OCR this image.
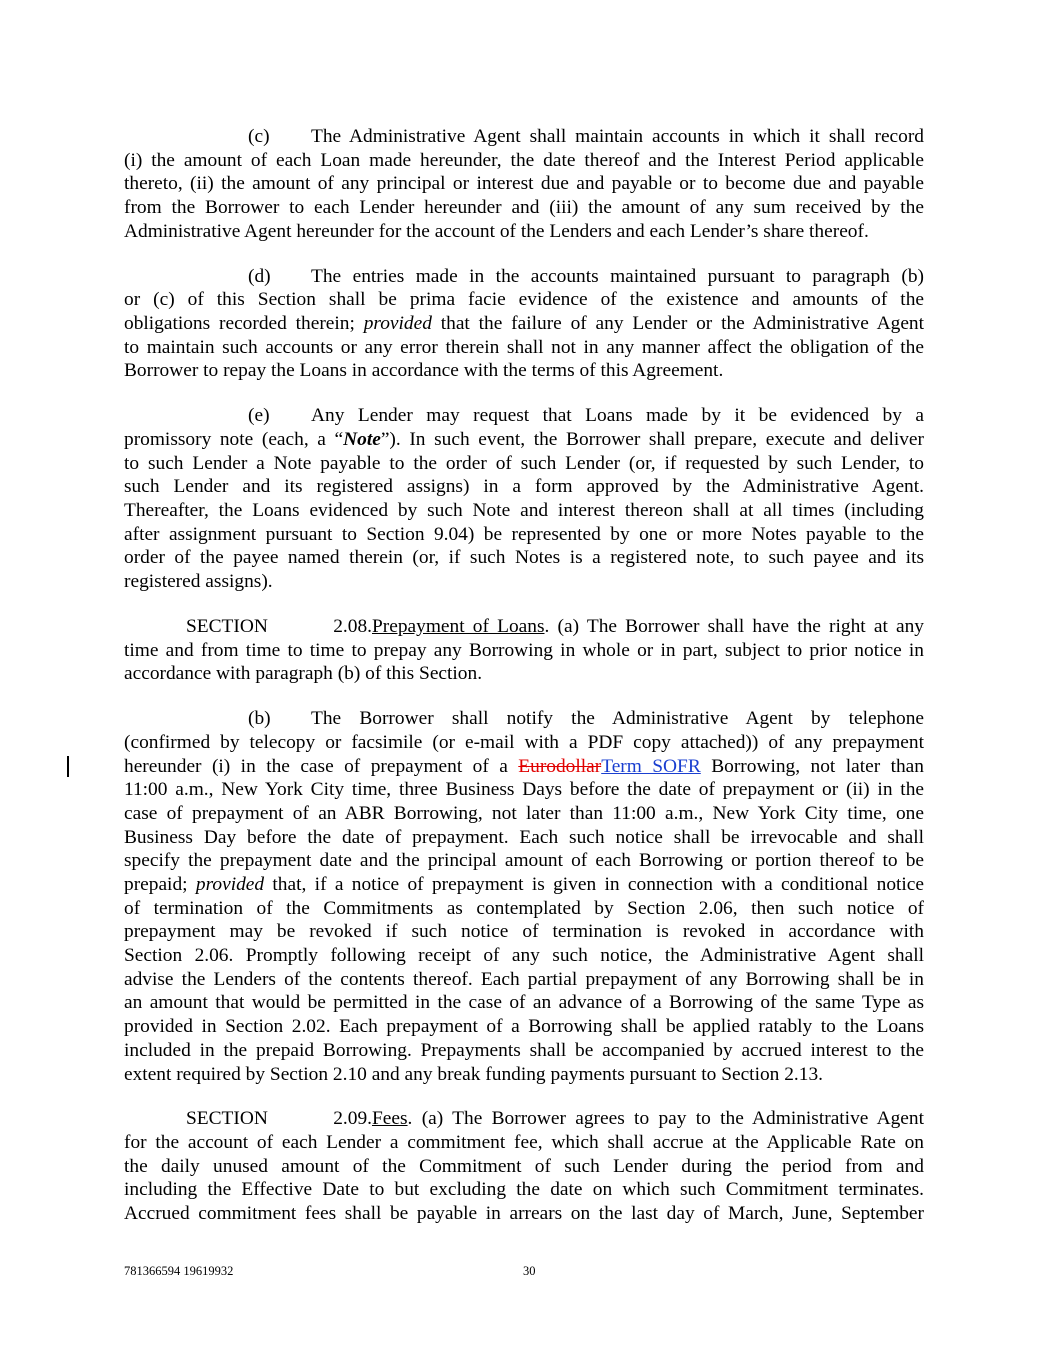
(c)	The Administrative Agent shall maintain accounts in which it shall record
(i) the amount of each Loan made hereunder, the date thereof and the Interest Period applicable
thereto, (ii) the amount of any principal or interest due and payable or to become due and payable
from the Borrower to each Lender hereunder and (iii) the amount of any sum received by the
Administrative Agent hereunder for the account of the Lenders and each Lender’s share thereof.
(d)	The entries made in the accounts maintained pursuant to paragraph (b)
or (c) of this Section shall be prima facie evidence of the existence and amounts of the
obligations recorded therein; provided that the failure of any Lender or the Administrative Agent
to maintain such accounts or any error therein shall not in any manner affect the obligation of the
Borrower to repay the Loans in accordance with the terms of this Agreement.
(e)	Any Lender may request that Loans made by it be evidenced by a
promissory note (each, a “Note”). In such event, the Borrower shall prepare, execute and deliver
to such Lender a Note payable to the order of such Lender (or, if requested by such Lender, to
such Lender and its registered assigns) in a form approved by the Administrative Agent.
Thereafter, the Loans evidenced by such Note and interest thereon shall at all times (including
after assignment pursuant to Section 9.04) be represented by one or more Notes payable to the
order of the payee named therein (or, if such Notes is a registered note, to such payee and its
registered assigns).
SECTION 2.08. Prepayment of Loans. (a) The Borrower shall have the right at any
time and from time to time to prepay any Borrowing in whole or in part, subject to prior notice in
accordance with paragraph (b) of this Section.
(b)	The Borrower shall notify the Administrative Agent by telephone
(confirmed by telecopy or facsimile (or e-mail with a PDF copy attached)) of any prepayment
hereunder (i) in the case of prepayment of a EurodollarTerm SOFR Borrowing, not later than
11:00 a.m., New York City time, three Business Days before the date of prepayment or (ii) in the
case of prepayment of an ABR Borrowing, not later than 11:00 a.m., New York City time, one
Business Day before the date of prepayment. Each such notice shall be irrevocable and shall
specify the prepayment date and the principal amount of each Borrowing or portion thereof to be
prepaid; provided that, if a notice of prepayment is given in connection with a conditional notice
of termination of the Commitments as contemplated by Section 2.06, then such notice of
prepayment may be revoked if such notice of termination is revoked in accordance with
Section 2.06. Promptly following receipt of any such notice, the Administrative Agent shall
advise the Lenders of the contents thereof. Each partial prepayment of any Borrowing shall be in
an amount that would be permitted in the case of an advance of a Borrowing of the same Type as
provided in Section 2.02. Each prepayment of a Borrowing shall be applied ratably to the Loans
included in the prepaid Borrowing. Prepayments shall be accompanied by accrued interest to the
extent required by Section 2.10 and any break funding payments pursuant to Section 2.13.
SECTION 2.09. Fees. (a) The Borrower agrees to pay to the Administrative Agent
for the account of each Lender a commitment fee, which shall accrue at the Applicable Rate on
the daily unused amount of the Commitment of such Lender during the period from and
including the Effective Date to but excluding the date on which such Commitment terminates.
Accrued commitment fees shall be payable in arrears on the last day of March, June, September
781366594 19619932	30
